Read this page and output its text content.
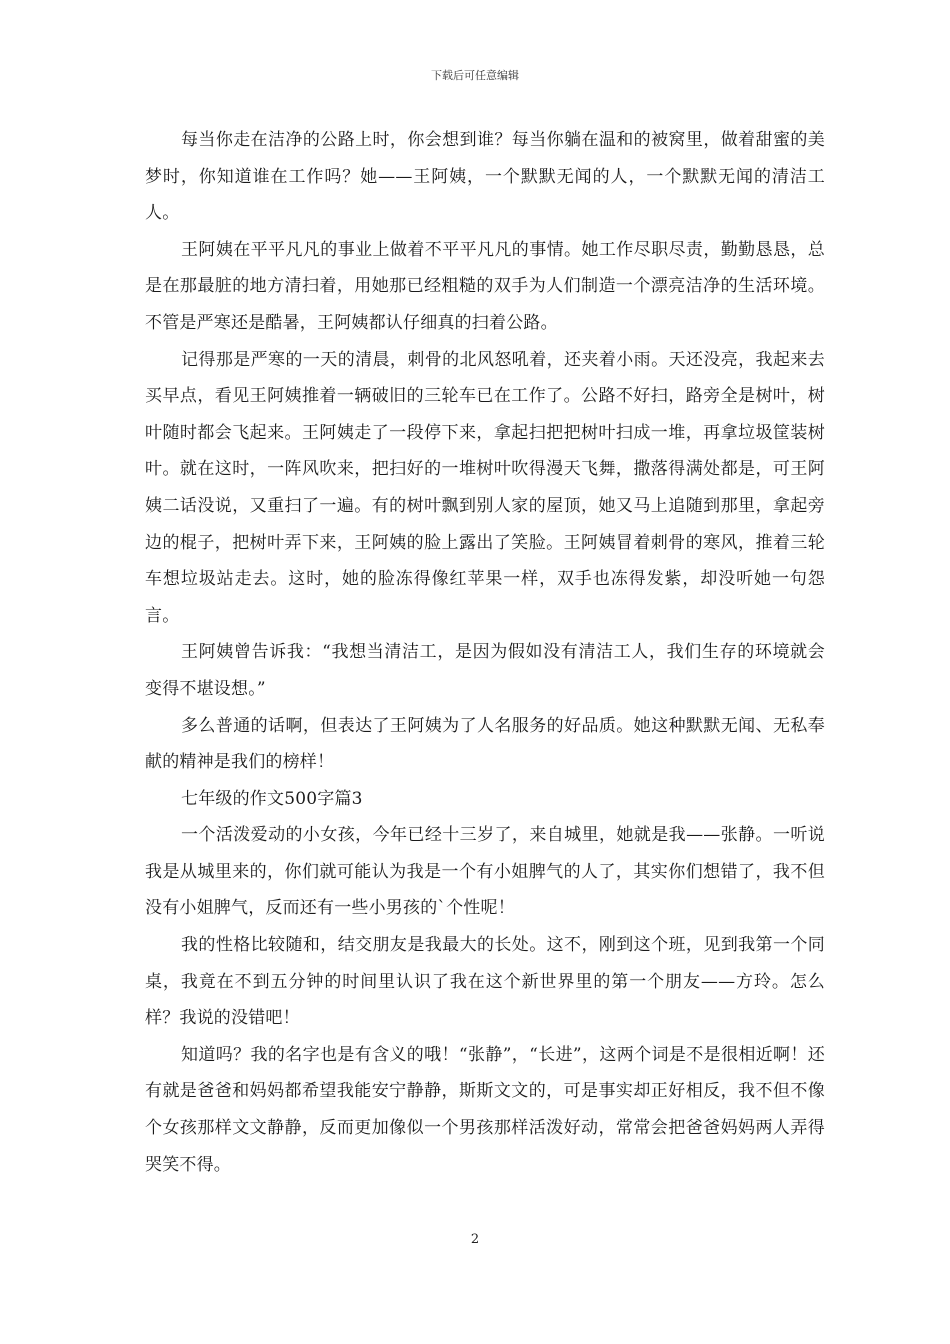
下载后可任意编辑

每当你走在洁净的公路上时，你会想到谁？每当你躺在温和的被窝里，做着甜蜜的美梦时，你知道谁在工作吗？她——王阿姨，一个默默无闻的人，一个默默无闻的清洁工人。

王阿姨在平平凡凡的事业上做着不平平凡凡的事情。她工作尽职尽责，勤勤恳恳，总是在那最脏的地方清扫着，用她那已经粗糙的双手为人们制造一个漂亮洁净的生活环境。不管是严寒还是酷暑，王阿姨都认仔细真的扫着公路。

记得那是严寒的一天的清晨，刺骨的北风怒吼着，还夹着小雨。天还没亮，我起来去买早点，看见王阿姨推着一辆破旧的三轮车已在工作了。公路不好扫，路旁全是树叶，树叶随时都会飞起来。王阿姨走了一段停下来，拿起扫把把树叶扫成一堆，再拿垃圾筐装树叶。就在这时，一阵风吹来，把扫好的一堆树叶吹得漫天飞舞，撒落得满处都是，可王阿姨二话没说，又重扫了一遍。有的树叶飘到别人家的屋顶，她又马上追随到那里，拿起旁边的棍子，把树叶弄下来，王阿姨的脸上露出了笑脸。王阿姨冒着刺骨的寒风，推着三轮车想垃圾站走去。这时，她的脸冻得像红苹果一样，双手也冻得发紫，却没听她一句怨言。

王阿姨曾告诉我：“我想当清洁工，是因为假如没有清洁工人，我们生存的环境就会变得不堪设想。”

多么普通的话啊，但表达了王阿姨为了人名服务的好品质。她这种默默无闻、无私奉献的精神是我们的榜样！

七年级的作文500字篇3

一个活泼爱动的小女孩，今年已经十三岁了，来自城里，她就是我——张静。一听说我是从城里来的，你们就可能认为我是一个有小姐脾气的人了，其实你们想错了，我不但没有小姐脾气，反而还有一些小男孩的`个性呢！

我的性格比较随和，结交朋友是我最大的长处。这不，刚到这个班，见到我第一个同桌，我竟在不到五分钟的时间里认识了我在这个新世界里的第一个朋友——方玲。怎么样？我说的没错吧！

知道吗？我的名字也是有含义的哦！“张静”，“长进”，这两个词是不是很相近啊！还有就是爸爸和妈妈都希望我能安宁静静，斯斯文文的，可是事实却正好相反，我不但不像个女孩那样文文静静，反而更加像似一个男孩那样活泼好动，常常会把爸爸妈妈两人弄得哭笑不得。

2
